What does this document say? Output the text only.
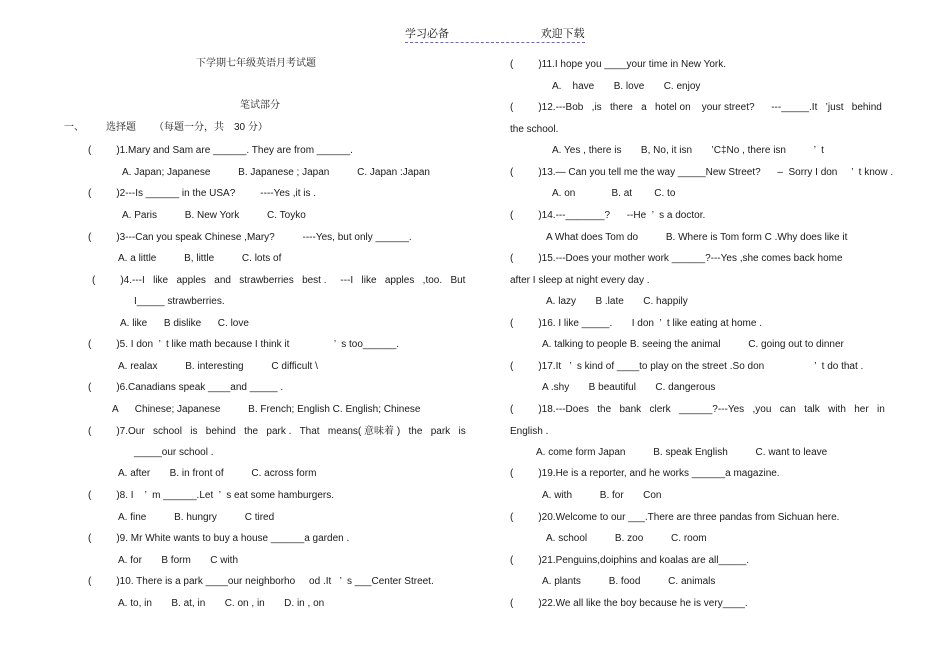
学习必备	欢迎下载
下学期七年级英语月考试题
笔试部分
一、 选择题 （每题一分，共　30 分）
(         )1.Mary and Sam are ______. They are from ______.
A. Japan; Japanese          B. Japanese ; Japan          C. Japan :Japan
(         )2---Is ______ in the USA?         ----Yes ,it is .
A. Paris          B. New York          C. Toyko
(         )3---Can you speak Chinese ,Mary?          ----Yes, but only ______.
A. a little          B, little          C. lots of
(         )4.---I   like   apples   and   strawberries   best .     ---I   like   apples   ,too.   But
I_____ strawberries.
A. like      B dislike      C. love
(         )5. I don  ’  t like math because I think it                ’  s too______.
A. realax          B. interesting          C difficult \
(         )6.Canadians speak ____and _____ .
A      Chinese; Japanese          B. French; English C. English; Chinese
(         )7.Our   school   is   behind   the   park .   That   means( 意味着 )   the   park   is
_____our school .
A. after       B. in front of          C. across form
(         )8. I    ’  m ______.Let  ’  s eat some hamburgers.
A. fine          B. hungry          C tired
(         )9. Mr White wants to buy a house ______a garden .
A. for       B form       C with
(         )10. There is a park ____our neighborho     od .It   ’  s ___Center Street.
A. to, in       B. at, in       C. on , in       D. in , on
(         )11.I hope you ____your time in New York.
A.    have       B. love       C. enjoy
(         )12.---Bob   ,is   there   a   hotel on    your street?      ---_____.It   ’just   behind
the school.
A. Yes , there is       B, No, it isn       ’C‡No , there isn          ’  t
(         )13.— Can you tell me the way _____New Street?      –  Sorry I don     ’  t know .
A. on             B. at        C. to
(         )14.---_______?      --He  ’  s a doctor.
A What does Tom do          B. Where is Tom form C .Why does like it
(         )15.---Does your mother work ______?---Yes ,she comes back home
after I sleep at night every day .
A. lazy       B .late       C. happily
(         )16. I like _____.       I don  ’  t like eating at home .
A. talking to people B. seeing the animal          C. going out to dinner
(         )17.It   ’  s kind of ____to play on the street .So don                  ’  t do that .
A .shy       B beautiful       C. dangerous
(         )18.---Does   the   bank   clerk   ______?---Yes   ,you   can   talk   with   her   in
English .
A. come form Japan          B. speak English          C. want to leave
(         )19.He is a reporter, and he works ______a magazine.
A. with          B. for       Con
(         )20.Welcome to our ___.There are three pandas from Sichuan here.
A. school          B. zoo          C. room
(         )21.Penguins,doiphins and koalas are all_____.
A. plants          B. food          C. animals
(         )22.We all like the boy because he is very____.
